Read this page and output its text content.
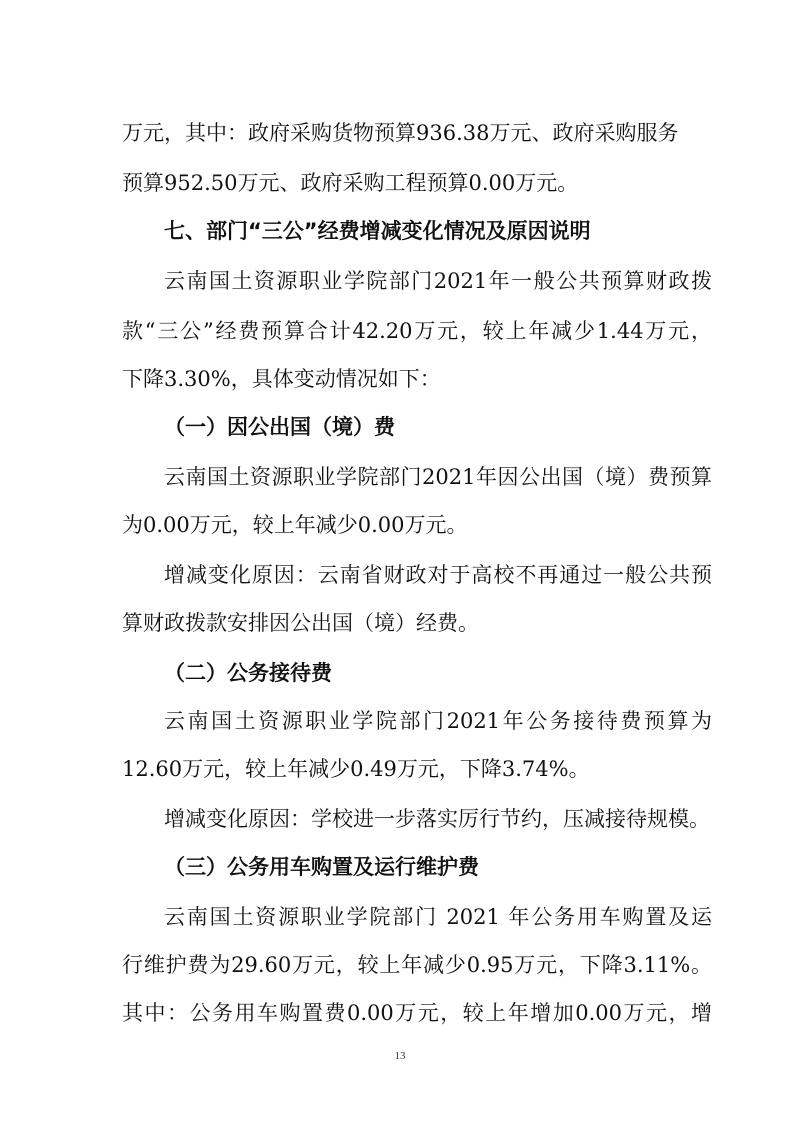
万元，其中：政府采购货物预算936.38万元、政府采购服务
预算952.50万元、政府采购工程预算0.00万元。
七、部门“三公”经费增减变化情况及原因说明
云南国土资源职业学院部门2021年一般公共预算财政拨
款“三公”经费预算合计42.20万元，较上年减少1.44万元，
下降3.30%，具体变动情况如下：
（一）因公出国（境）费
云南国土资源职业学院部门2021年因公出国（境）费预算
为0.00万元，较上年减少0.00万元。
增减变化原因：云南省财政对于高校不再通过一般公共预
算财政拨款安排因公出国（境）经费。
（二）公务接待费
云南国土资源职业学院部门2021年公务接待费预算为
12.60万元，较上年减少0.49万元，下降3.74%。
增减变化原因：学校进一步落实厉行节约，压减接待规模。
（三）公务用车购置及运行维护费
云南国土资源职业学院部门 2021 年公务用车购置及运
行维护费为29.60万元，较上年减少0.95万元，下降3.11%。
其中：公务用车购置费0.00万元，较上年增加0.00万元，增
13
